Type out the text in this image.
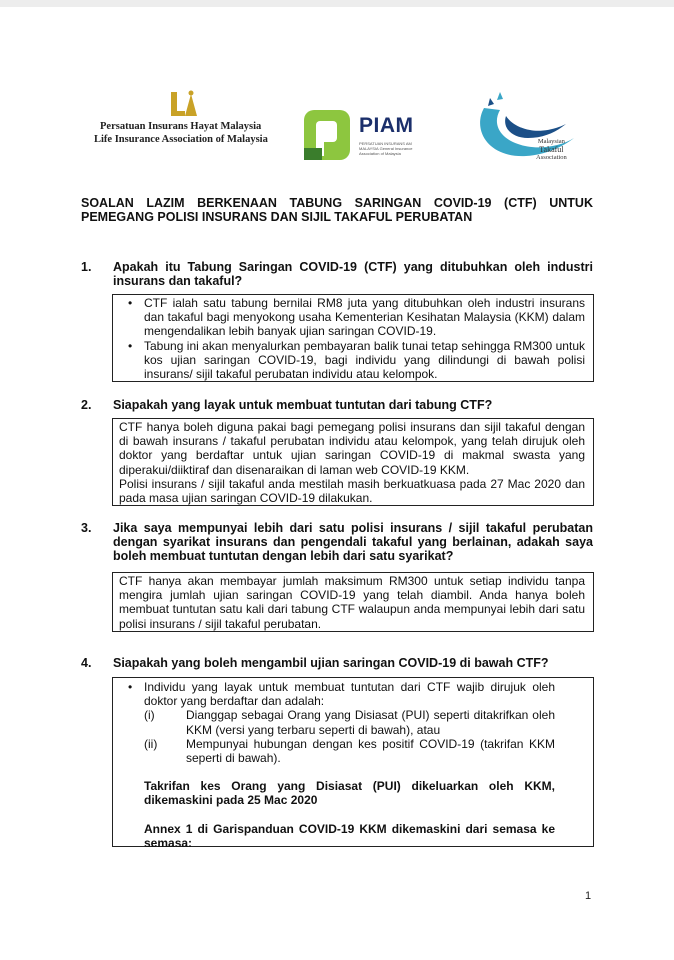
Persatuan Insurans Hayat Malaysia
Life Insurance Association of Malaysia
PIAM
PERSATUAN INSURANS AM MALAYSIA General Insurance Association of Malaysia
Malaysian
Takaful
Association
SOALAN LAZIM BERKENAAN TABUNG SARINGAN COVID-19 (CTF) UNTUK PEMEGANG POLISI INSURANS DAN SIJIL TAKAFUL PERUBATAN
1. Apakah itu Tabung Saringan COVID-19 (CTF) yang ditubuhkan oleh industri insurans dan takaful?
• CTF ialah satu tabung bernilai RM8 juta yang ditubuhkan oleh industri insurans dan takaful bagi menyokong usaha Kementerian Kesihatan Malaysia (KKM) dalam mengendalikan lebih banyak ujian saringan COVID-19.
• Tabung ini akan menyalurkan pembayaran balik tunai tetap sehingga RM300 untuk kos ujian saringan COVID-19, bagi individu yang dilindungi di bawah polisi insurans/ sijil takaful perubatan individu atau kelompok.
2. Siapakah yang layak untuk membuat tuntutan dari tabung CTF?

CTF hanya boleh diguna pakai bagi pemegang polisi insurans dan sijil takaful dengan di bawah insurans / takaful perubatan individu atau kelompok, yang telah dirujuk oleh doktor yang berdaftar untuk ujian saringan COVID-19 di makmal swasta yang diperakui/diiktiraf dan disenaraikan di laman web COVID-19 KKM.

Polisi insurans / sijil takaful anda mestilah masih berkuatkuasa pada 27 Mac 2020 dan pada masa ujian saringan COVID-19 dilakukan.

3. Jika saya mempunyai lebih dari satu polisi insurans / sijil takaful perubatan dengan syarikat insurans dan pengendali takaful yang berlainan, adakah saya boleh membuat tuntutan dengan lebih dari satu syarikat?

CTF hanya akan membayar jumlah maksimum RM300 untuk setiap individu tanpa mengira jumlah ujian saringan COVID-19 yang telah diambil. Anda hanya boleh membuat tuntutan satu kali dari tabung CTF walaupun anda mempunyai lebih dari satu polisi insurans / sijil takaful perubatan.

4. Siapakah yang boleh mengambil ujian saringan COVID-19 di bawah CTF?
• Individu yang layak untuk membuat tuntutan dari CTF wajib dirujuk oleh doktor yang berdaftar dan adalah:
(i)	Dianggap sebagai Orang yang Disiasat (PUI) seperti ditakrifkan oleh KKM (versi yang terbaru seperti di bawah), atau
(ii) Mempunyai hubungan dengan kes positif COVID-19 (takrifan KKM seperti di bawah).

Takrifan kes Orang yang Disiasat (PUI) dikeluarkan oleh KKM, dikemaskini pada 25 Mac 2020

Annex 1 di Garispanduan COVID-19 KKM dikemaskini dari semasa ke semasa:

1
